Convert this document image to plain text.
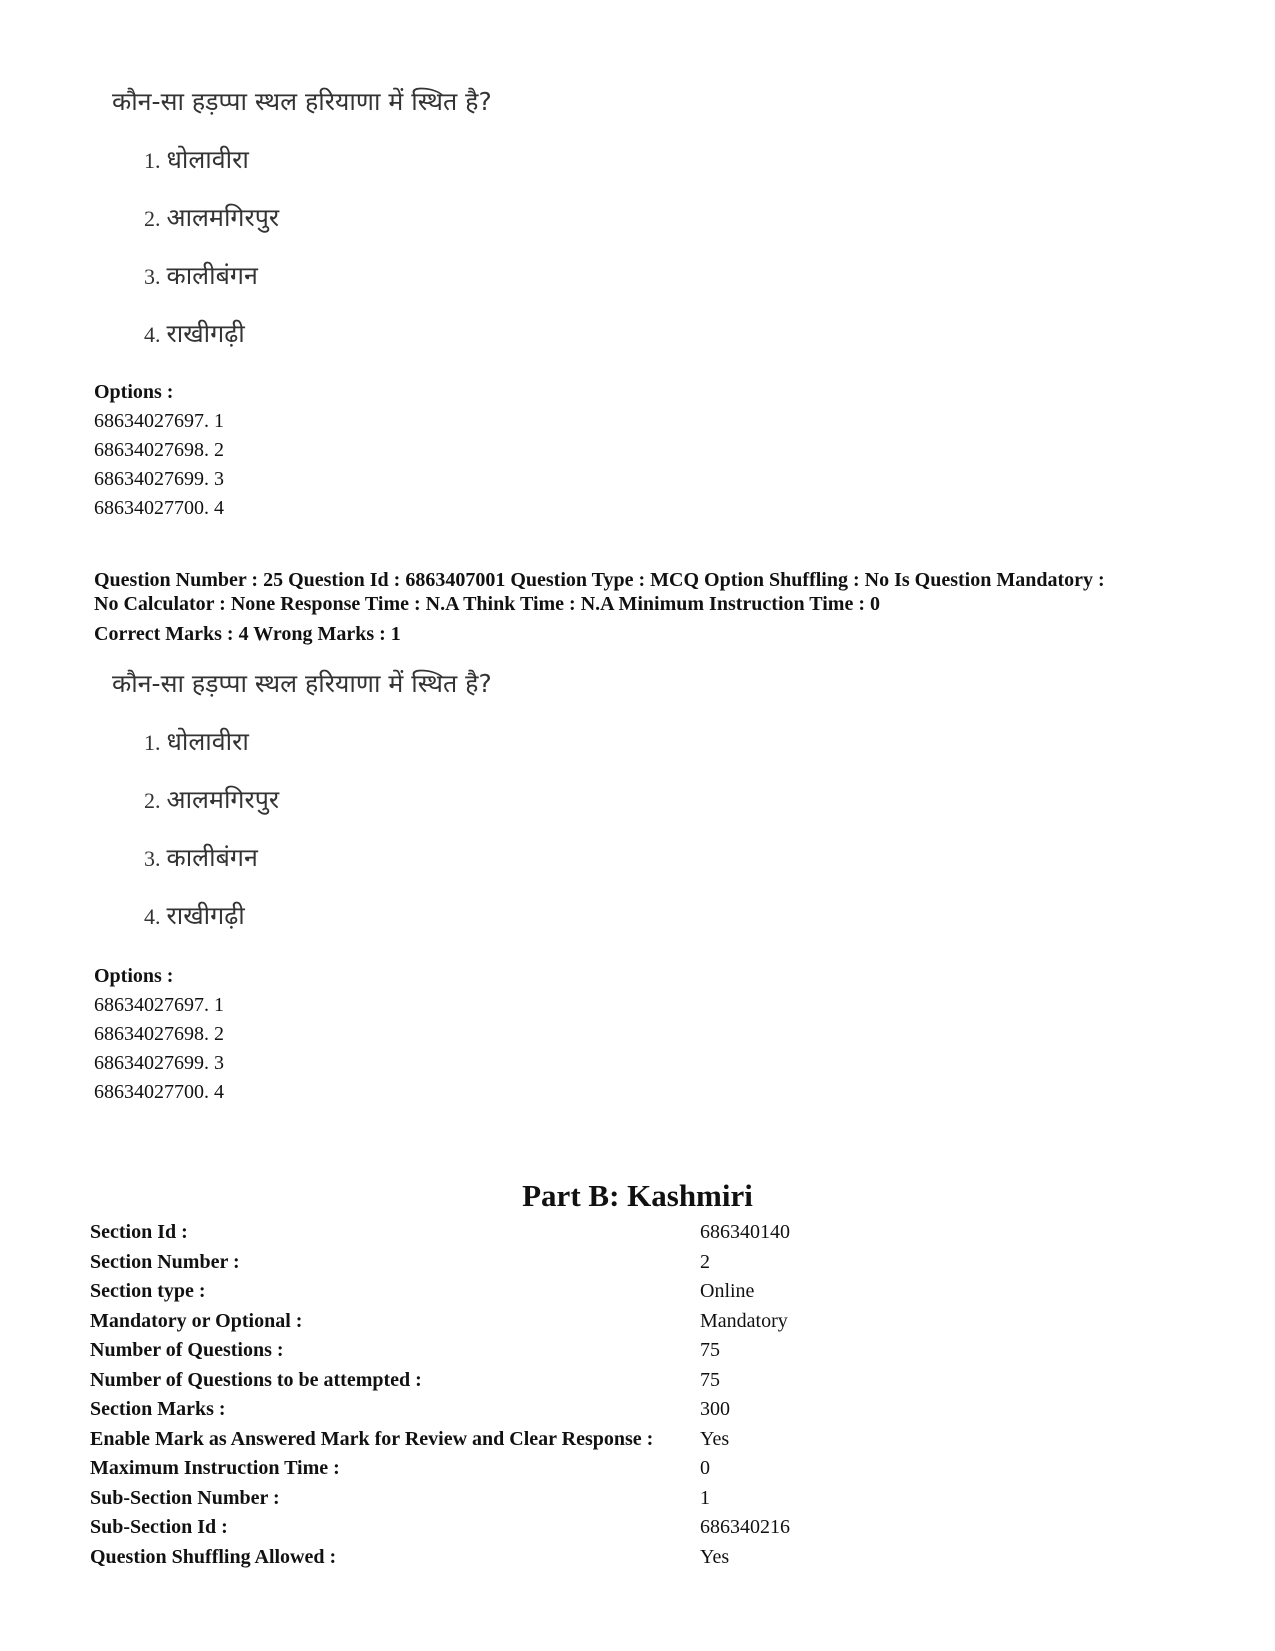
कौन-सा हड़प्पा स्थल हरियाणा में स्थित है?
1. धोलावीरा
2. आलमगिरपुर
3. कालीबंगन
4. राखीगढ़ी
Options :
68634027697. 1
68634027698. 2
68634027699. 3
68634027700. 4
Question Number : 25 Question Id : 6863407001 Question Type : MCQ Option Shuffling : No Is Question Mandatory :
No Calculator : None Response Time : N.A Think Time : N.A Minimum Instruction Time : 0
Correct Marks : 4 Wrong Marks : 1
कौन-सा हड़प्पा स्थल हरियाणा में स्थित है?
1. धोलावीरा
2. आलमगिरपुर
3. कालीबंगन
4. राखीगढ़ी
Options :
68634027697. 1
68634027698. 2
68634027699. 3
68634027700. 4
Part B: Kashmiri
Section Id :	686340140
Section Number :	2
Section type :	Online
Mandatory or Optional :	Mandatory
Number of Questions :	75
Number of Questions to be attempted :	75
Section Marks :	300
Enable Mark as Answered Mark for Review and Clear Response : Yes
Maximum Instruction Time :	0
Sub-Section Number :	1
Sub-Section Id :	686340216
Question Shuffling Allowed :	Yes
